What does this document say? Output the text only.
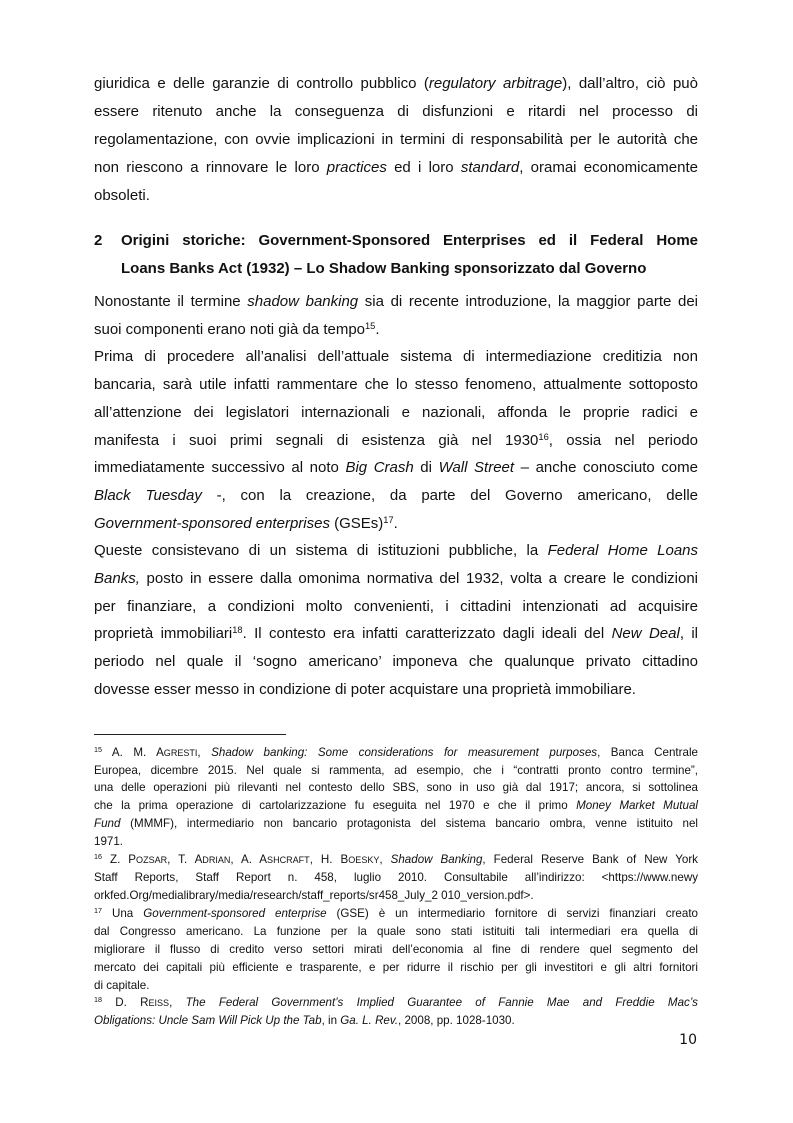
giuridica e delle garanzie di controllo pubblico (regulatory arbitrage), dall’altro, ciò può
essere ritenuto anche la conseguenza di disfunzioni e ritardi nel processo di
regolamentazione, con ovvie implicazioni in termini di responsabilità per le autorità che
non riescono a rinnovare le loro practices ed i loro standard, oramai economicamente
obsoleti.
2 Origini storiche: Government-Sponsored Enterprises ed il Federal Home
Loans Banks Act (1932) – Lo Shadow Banking sponsorizzato dal Governo
Nonostante il termine shadow banking sia di recente introduzione, la maggior parte dei
suoi componenti erano noti già da tempo$^{15}$.
Prima di procedere all’analisi dell’attuale sistema di intermediazione creditizia non
bancaria, sarà utile infatti rammentare che lo stesso fenomeno, attualmente sottoposto
all’attenzione dei legislatori internazionali e nazionali, affonda le proprie radici e
manifesta i suoi primi segnali di esistenza già nel 1930$^{16}$, ossia nel periodo
immediatamente successivo al noto Big Crash di Wall Street – anche conosciuto come
Black Tuesday -, con la creazione, da parte del Governo americano, delle
Government-sponsored enterprises (GSEs)$^{17}$.
Queste consistevano di un sistema di istituzioni pubbliche, la Federal Home Loans
Banks, posto in essere dalla omonima normativa del 1932, volta a creare le condizioni
per finanziare, a condizioni molto convenienti, i cittadini intenzionati ad acquisire
proprietà immobiliari$^{18}$. Il contesto era infatti caratterizzato dagli ideali del New Deal, il
periodo nel quale il ‘sogno americano’ imponeva che qualunque privato cittadino
dovesse esser messo in condizione di poter acquistare una proprietà immobiliare.
$^{15}$ A. M. AGRESTI, Shadow banking: Some considerations for measurement purposes, Banca Centrale
Europea, dicembre 2015. Nel quale si rammenta, ad esempio, che i “contratti pronto contro termine”,
una delle operazioni più rilevanti nel contesto dello SBS, sono in uso già dal 1917; ancora, si sottolinea
che la prima operazione di cartolarizzazione fu eseguita nel 1970 e che il primo Money Market Mutual
Fund (MMMF), intermediario non bancario protagonista del sistema bancario ombra, venne istituito nel
1971.
$^{16}$ Z. POZSAR, T. ADRIAN, A. ASHCRAFT, H. BOESKY, Shadow Banking, Federal Reserve Bank of New York
Staff Reports, Staff Report n. 458, luglio 2010. Consultabile all’indirizzo: <https://www.newy
orkfed.Org/medialibrary/media/research/staff_reports/sr458_July_2 010_version.pdf>.
$^{17}$ Una Government-sponsored enterprise (GSE) è un intermediario fornitore di servizi finanziari creato
dal Congresso americano. La funzione per la quale sono stati istituiti tali intermediari era quella di
migliorare il flusso di credito verso settori mirati dell’economia al fine di rendere quel segmento del
mercato dei capitali più efficiente e trasparente, e per ridurre il rischio per gli investitori e gli altri fornitori
di capitale.
$^{18}$ D. REISS, The Federal Government’s Implied Guarantee of Fannie Mae and Freddie Mac’s
Obligations: Uncle Sam Will Pick Up the Tab, in Ga. L. Rev., 2008, pp. 1028-1030.
10
